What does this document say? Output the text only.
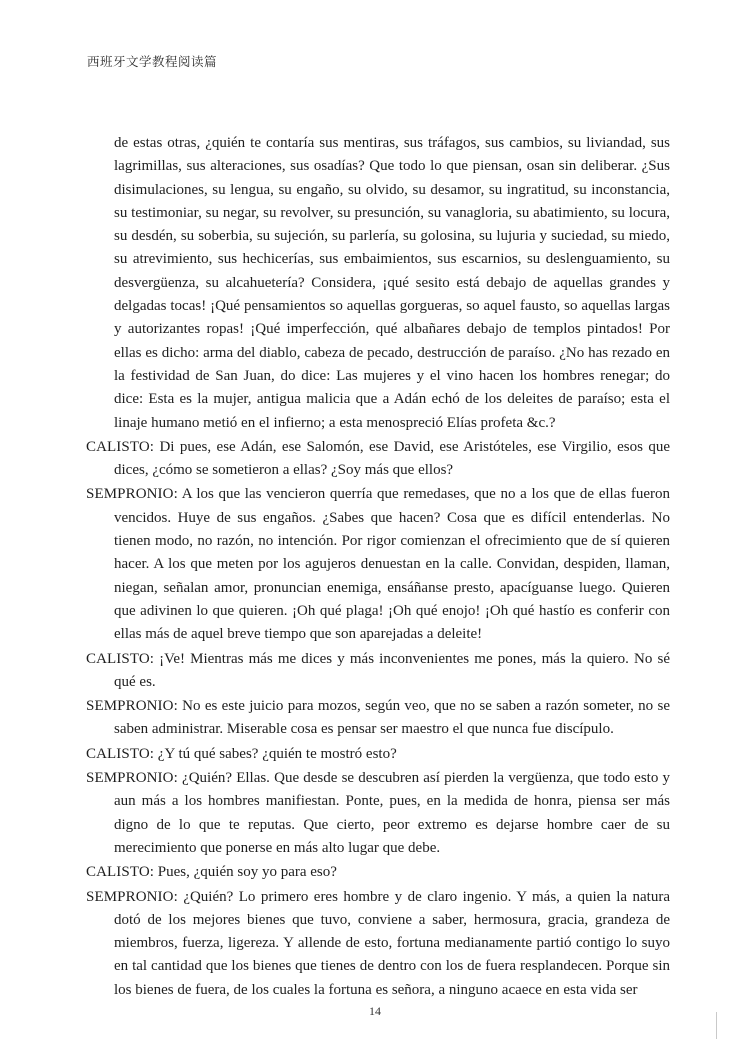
西班牙文学教程阅读篇

de estas otras, ¿quién te contaría sus mentiras, sus tráfagos, sus cambios, su liviandad, sus lagrimillas, sus alteraciones, sus osadías? Que todo lo que piensan, osan sin deliberar. ¿Sus disimulaciones, su lengua, su engaño, su olvido, su desamor, su ingratitud, su inconstancia, su testimoniar, su negar, su revolver, su presunción, su vanagloria, su abatimiento, su locura, su desdén, su soberbia, su sujeción, su parlería, su golosina, su lujuria y suciedad, su miedo, su atrevimiento, sus hechicerías, sus embaimientos, sus escarnios, su deslenguamiento, su desvergüenza, su alcahuetería? Considera, ¡qué sesito está debajo de aquellas grandes y delgadas tocas! ¡Qué pensamientos so aquellas gorgueras, so aquel fausto, so aquellas largas y autorizantes ropas! ¡Qué imperfección, qué albañares debajo de templos pintados! Por ellas es dicho: arma del diablo, cabeza de pecado, destrucción de paraíso. ¿No has rezado en la festividad de San Juan, do dice: Las mujeres y el vino hacen los hombres renegar; do dice: Esta es la mujer, antigua malicia que a Adán echó de los deleites de paraíso; esta el linaje humano metió en el infierno; a esta menospreció Elías profeta &c.?

CALISTO: Di pues, ese Adán, ese Salomón, ese David, ese Aristóteles, ese Virgilio, esos que dices, ¿cómo se sometieron a ellas? ¿Soy más que ellos?

SEMPRONIO: A los que las vencieron querría que remedases, que no a los que de ellas fueron vencidos. Huye de sus engaños. ¿Sabes que hacen? Cosa que es difícil entenderlas. No tienen modo, no razón, no intención. Por rigor comienzan el ofrecimiento que de sí quieren hacer. A los que meten por los agujeros denuestan en la calle. Convidan, despiden, llaman, niegan, señalan amor, pronuncian enemiga, ensáñanse presto, apacíguanse luego. Quieren que adivinen lo que quieren. ¡Oh qué plaga! ¡Oh qué enojo! ¡Oh qué hastío es conferir con ellas más de aquel breve tiempo que son aparejadas a deleite!

CALISTO: ¡Ve! Mientras más me dices y más inconvenientes me pones, más la quiero. No sé qué es.

SEMPRONIO: No es este juicio para mozos, según veo, que no se saben a razón someter, no se saben administrar. Miserable cosa es pensar ser maestro el que nunca fue discípulo.

CALISTO: ¿Y tú qué sabes? ¿quién te mostró esto?

SEMPRONIO: ¿Quién? Ellas. Que desde se descubren así pierden la vergüenza, que todo esto y aun más a los hombres manifiestan. Ponte, pues, en la medida de honra, piensa ser más digno de lo que te reputas. Que cierto, peor extremo es dejarse hombre caer de su merecimiento que ponerse en más alto lugar que debe.

CALISTO: Pues, ¿quién soy yo para eso?

SEMPRONIO: ¿Quién? Lo primero eres hombre y de claro ingenio. Y más, a quien la natura dotó de los mejores bienes que tuvo, conviene a saber, hermosura, gracia, grandeza de miembros, fuerza, ligereza. Y allende de esto, fortuna medianamente partió contigo lo suyo en tal cantidad que los bienes que tienes de dentro con los de fuera resplandecen. Porque sin los bienes de fuera, de los cuales la fortuna es señora, a ninguno acaece en esta vida ser

14
